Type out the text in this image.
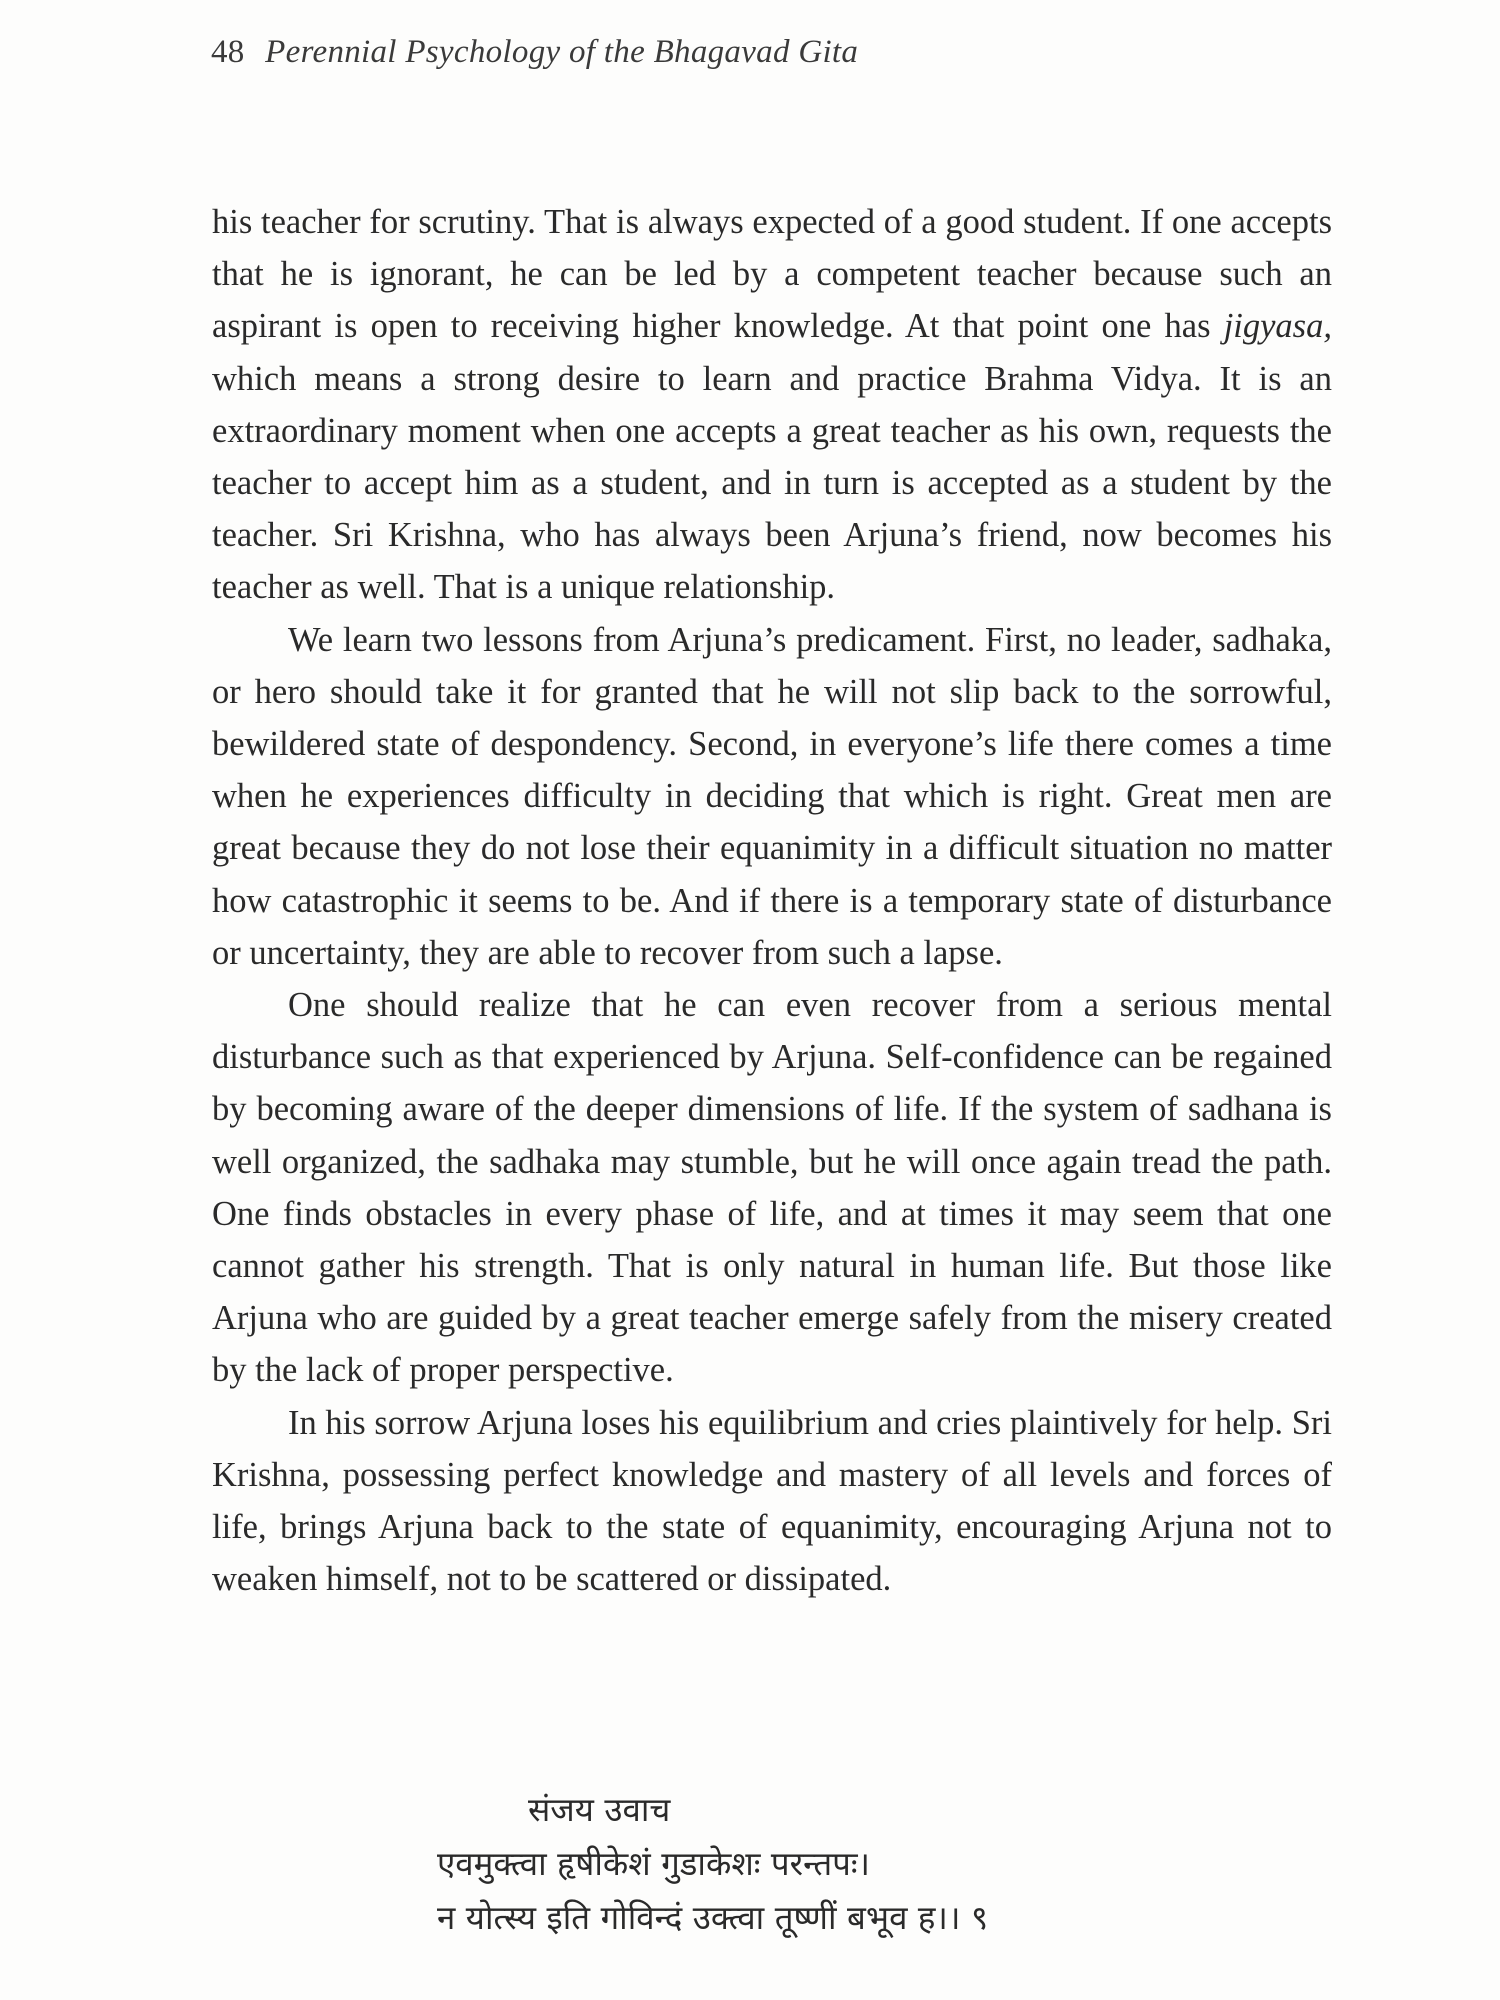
48 Perennial Psychology of the Bhagavad Gita

his teacher for scrutiny. That is always expected of a good student. If one accepts that he is ignorant, he can be led by a competent teacher because such an aspirant is open to receiving higher knowledge. At that point one has jigyasa, which means a strong desire to learn and practice Brahma Vidya. It is an extraordinary moment when one accepts a great teacher as his own, requests the teacher to accept him as a student, and in turn is accepted as a student by the teacher. Sri Krishna, who has always been Arjuna’s friend, now becomes his teacher as well. That is a unique relationship.

We learn two lessons from Arjuna’s predicament. First, no leader, sadhaka, or hero should take it for granted that he will not slip back to the sorrowful, bewildered state of despondency. Second, in everyone’s life there comes a time when he experiences difficulty in deciding that which is right. Great men are great because they do not lose their equanimity in a difficult situation no matter how catastrophic it seems to be. And if there is a temporary state of disturbance or uncertainty, they are able to recover from such a lapse.

One should realize that he can even recover from a serious mental disturbance such as that experienced by Arjuna. Self-confidence can be regained by becoming aware of the deeper dimensions of life. If the system of sadhana is well organized, the sadhaka may stumble, but he will once again tread the path. One finds obstacles in every phase of life, and at times it may seem that one cannot gather his strength. That is only natural in human life. But those like Arjuna who are guided by a great teacher emerge safely from the misery created by the lack of proper perspective.

In his sorrow Arjuna loses his equilibrium and cries plaintively for help. Sri Krishna, possessing perfect knowledge and mastery of all levels and forces of life, brings Arjuna back to the state of equanimity, encouraging Arjuna not to weaken himself, not to be scattered or dissipated.

संजय उवाच
एवमुक्त्वा हृषीकेशं गुडाकेशः परन्तपः।
न योत्स्य इति गोविन्दं उक्त्वा तूष्णीं बभूव ह।। ९
